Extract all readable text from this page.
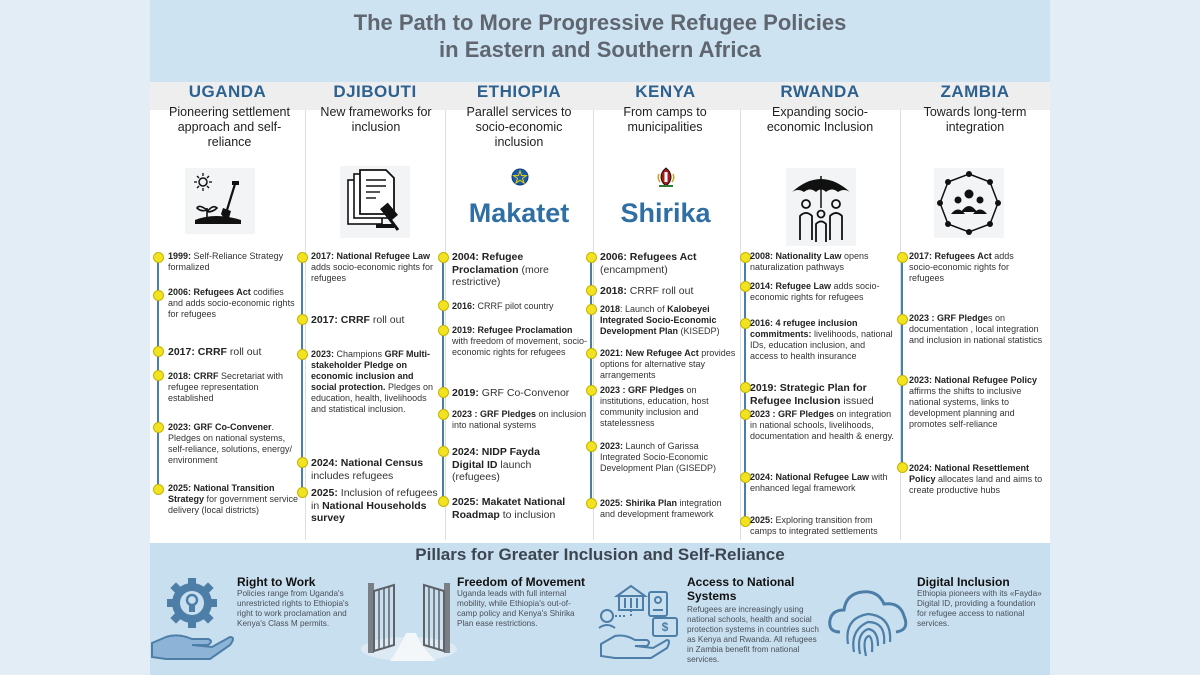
The Path to More Progressive Refugee Policies
in Eastern and Southern Africa
UGANDA
Pioneering settlement approach and self-reliance
DJIBOUTI
New frameworks for inclusion
ETHIOPIA
Parallel services to socio-economic inclusion
KENYA
From camps to municipalities
RWANDA
Expanding socio-economic Inclusion
ZAMBIA
Towards long-term integration
Makatet	Shirika
1999: Self-Reliance Strategy formalized
2006: Refugees Act codifies and adds socio-economic rights for refugees
2017: CRRF roll out
2018: CRRF Secretariat with refugee representation established
2023: GRF Co-Convener. Pledges on national systems, self-reliance, solutions, energy/ environment
2025: National Transition Strategy for government service delivery (local districts)
2017: National Refugee Law adds socio-economic rights for refugees
2017: CRRF roll out
2023: Champions GRF Multi-stakeholder Pledge on economic inclusion and social protection. Pledges on education, health, livelihoods and statistical inclusion.
2024: National Census includes refugees
2025: Inclusion of refugees in National Households survey
2004: Refugee Proclamation (more restrictive)
2016: CRRF pilot country
2019: Refugee Proclamation with freedom of movement, socio-economic rights for refugees
2019: GRF Co-Convenor
2023 : GRF Pledges on inclusion into national systems
2024: NIDP Fayda Digital ID launch (refugees)
2025: Makatet National Roadmap to inclusion
2006: Refugees Act (encampment)
2018: CRRF roll out
2018: Launch of Kalobeyei Integrated Socio-Economic Development Plan (KISEDP)
2021: New Refugee Act provides options for alternative stay arrangements
2023 : GRF Pledges on institutions, education, host community inclusion and statelessness
2023: Launch of Garissa Integrated Socio-Economic Development Plan (GISEDP)
2025: Shirika Plan integration and development framework
2008: Nationality Law opens naturalization pathways
2014: Refugee Law adds socio-economic rights for refugees
2016: 4 refugee inclusion commitments: livelihoods, national IDs, education inclusion, and access to health insurance
2019: Strategic Plan for Refugee Inclusion issued
2023 : GRF Pledges on integration in national schools, livelihoods, documentation and health & energy.
2024: National Refugee Law with enhanced legal framework
2025: Exploring transition from camps to integrated settlements
2017: Refugees Act adds socio-economic rights for refugees
2023 : GRF Pledges on documentation , local integration and inclusion in national statistics
2023: National Refugee Policy affirms the shifts to inclusive national systems, links to development planning and promotes self-reliance
2024: National Resettlement Policy allocates land and aims to create productive hubs
Pillars for Greater Inclusion and Self-Reliance
Right to Work
Policies range from Uganda's unrestricted rights to Ethiopia's right to work proclamation and Kenya's Class M permits.
Freedom of Movement
Uganda leads with full internal mobility, while Ethiopia's out-of-camp policy and Kenya's Shirika Plan ease restrictions.	$
Access to National Systems
Refugees are increasingly using national schools, health and social protection systems in countries such as Kenya and Rwanda. All refugees in Zambia benefit from national services.
Digital Inclusion
Ethiopia pioneers with its «Fayda» Digital ID, providing a foundation for refugee access to national services.
